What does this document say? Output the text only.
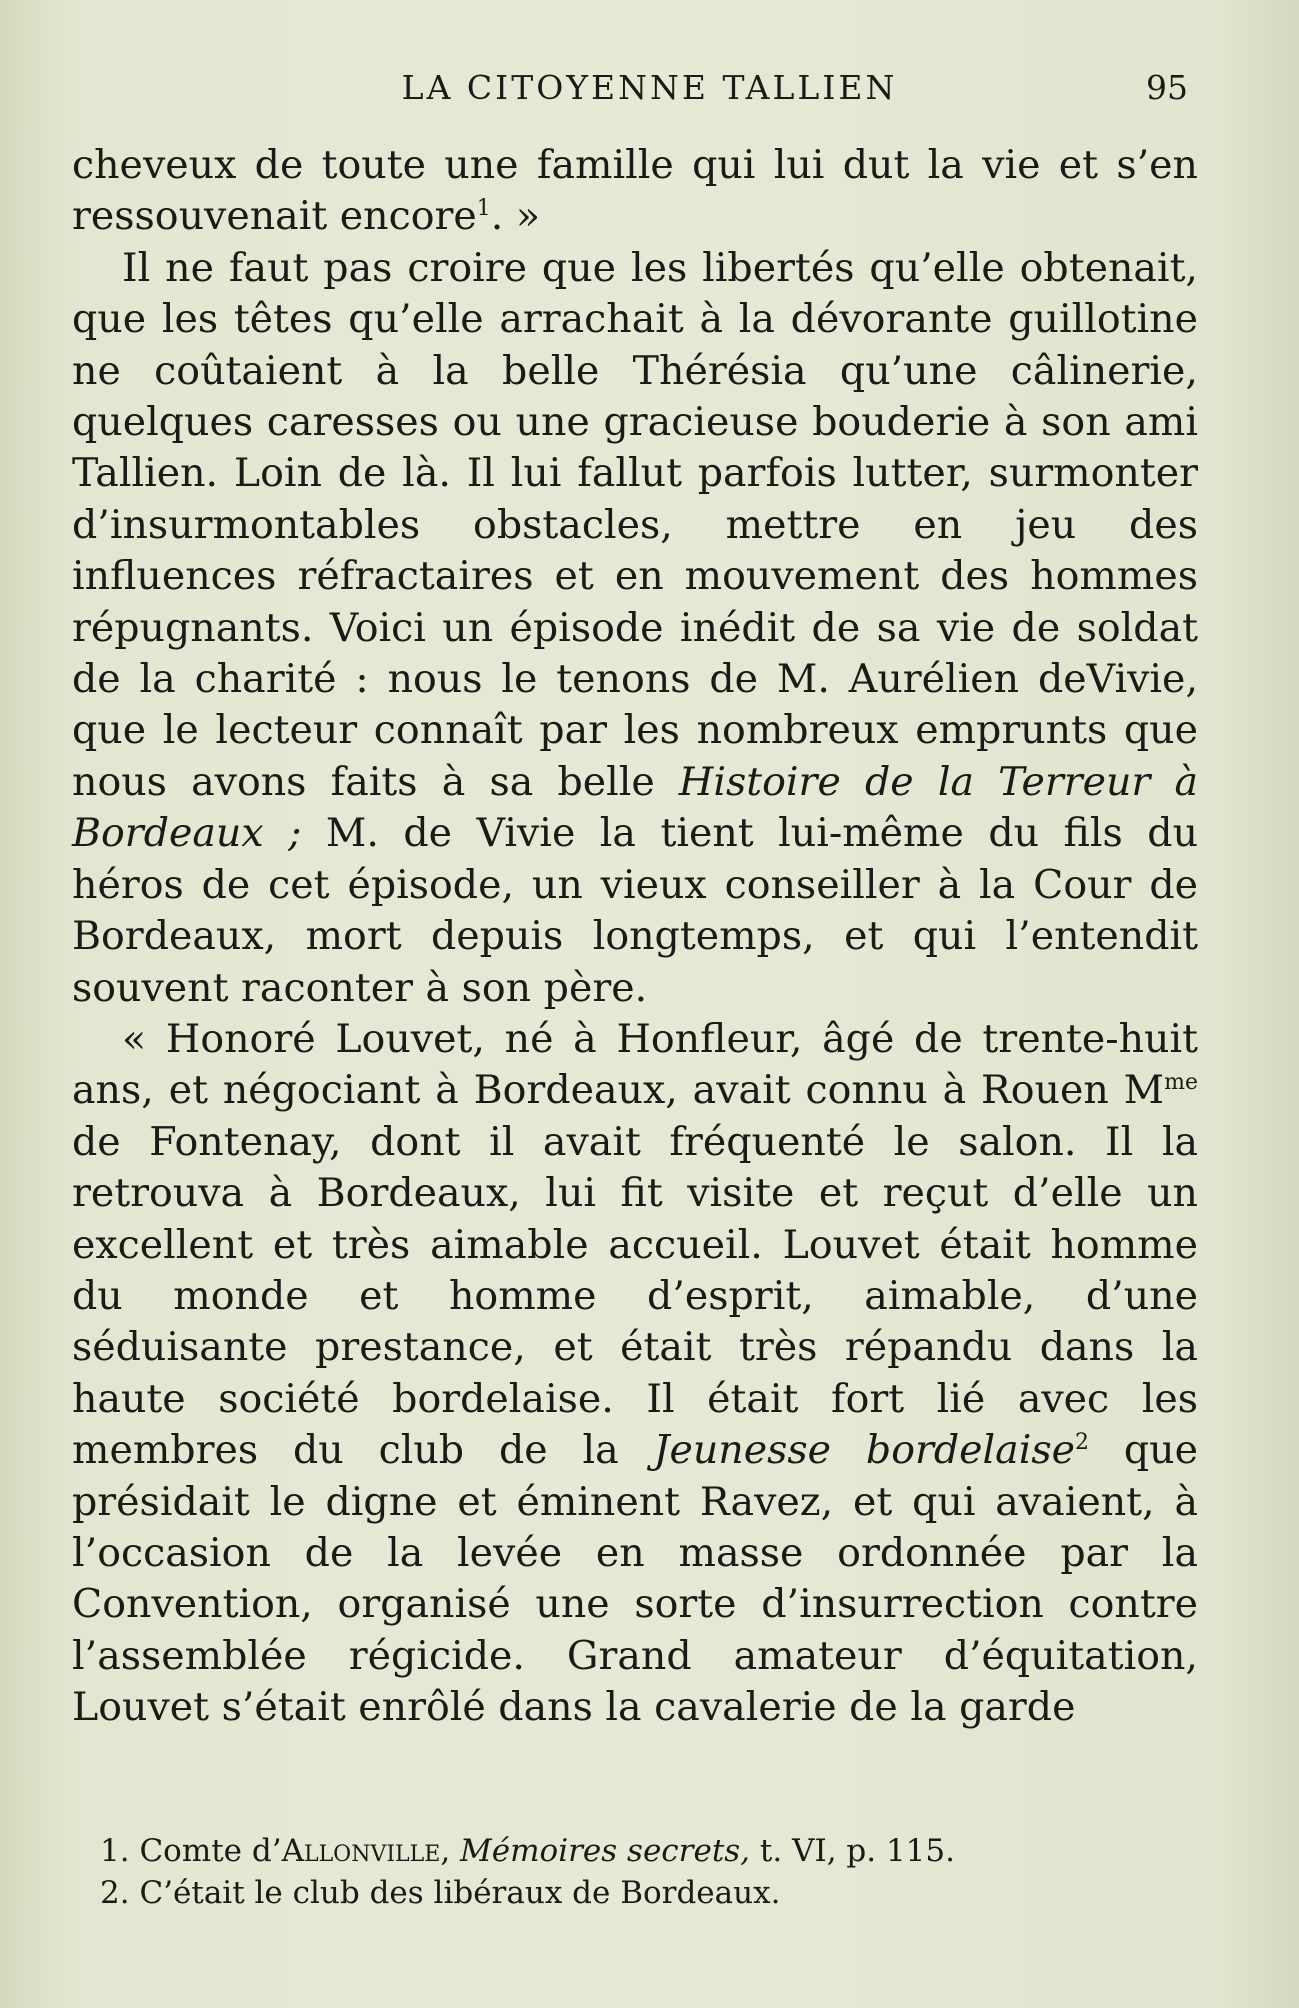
LA CITOYENNE TALLIEN	95

cheveux de toute une famille qui lui dut la vie et s’en ressouvenait encore$^1$. »

Il ne faut pas croire que les libertés qu’elle obtenait, que les têtes qu’elle arrachait à la dévorante guillotine ne coûtaient à la belle Thérésia qu’une câlinerie, quelques caresses ou une gracieuse bouderie à son ami Tallien. Loin de là. Il lui fallut parfois lutter, surmonter d’insurmontables obstacles, mettre en jeu des influences réfractaires et en mouvement des hommes répugnants. Voici un épisode inédit de sa vie de soldat de la charité : nous le tenons de M. Aurélien deVivie, que le lecteur connaît par les nombreux emprunts que nous avons faits à sa belle Histoire de la Terreur à Bordeaux ; M. de Vivie la tient lui-même du fils du héros de cet épisode, un vieux conseiller à la Cour de Bordeaux, mort depuis longtemps, et qui l’entendit souvent raconter à son père.

« Honoré Louvet, né à Honfleur, âgé de trente-huit ans, et négociant à Bordeaux, avait connu à Rouen $M^{me}$ de Fontenay, dont il avait fréquenté le salon. Il la retrouva à Bordeaux, lui fit visite et reçut d’elle un excellent et très aimable accueil. Louvet était homme du monde et homme d’esprit, aimable, d’une séduisante prestance, et était très répandu dans la haute société bordelaise. Il était fort lié avec les membres du club de la Jeunesse bordelaise$^2$ que présidait le digne et éminent Ravez, et qui avaient, à l’occasion de la levée en masse ordonnée par la Convention, organisé une sorte d’insurrection contre l’assemblée régicide. Grand amateur d’équitation, Louvet s’était enrôlé dans la cavalerie de la garde

1. Comte d’Allonville, Mémoires secrets, t. VI, p. 115.

2. C’était le club des libéraux de Bordeaux.
